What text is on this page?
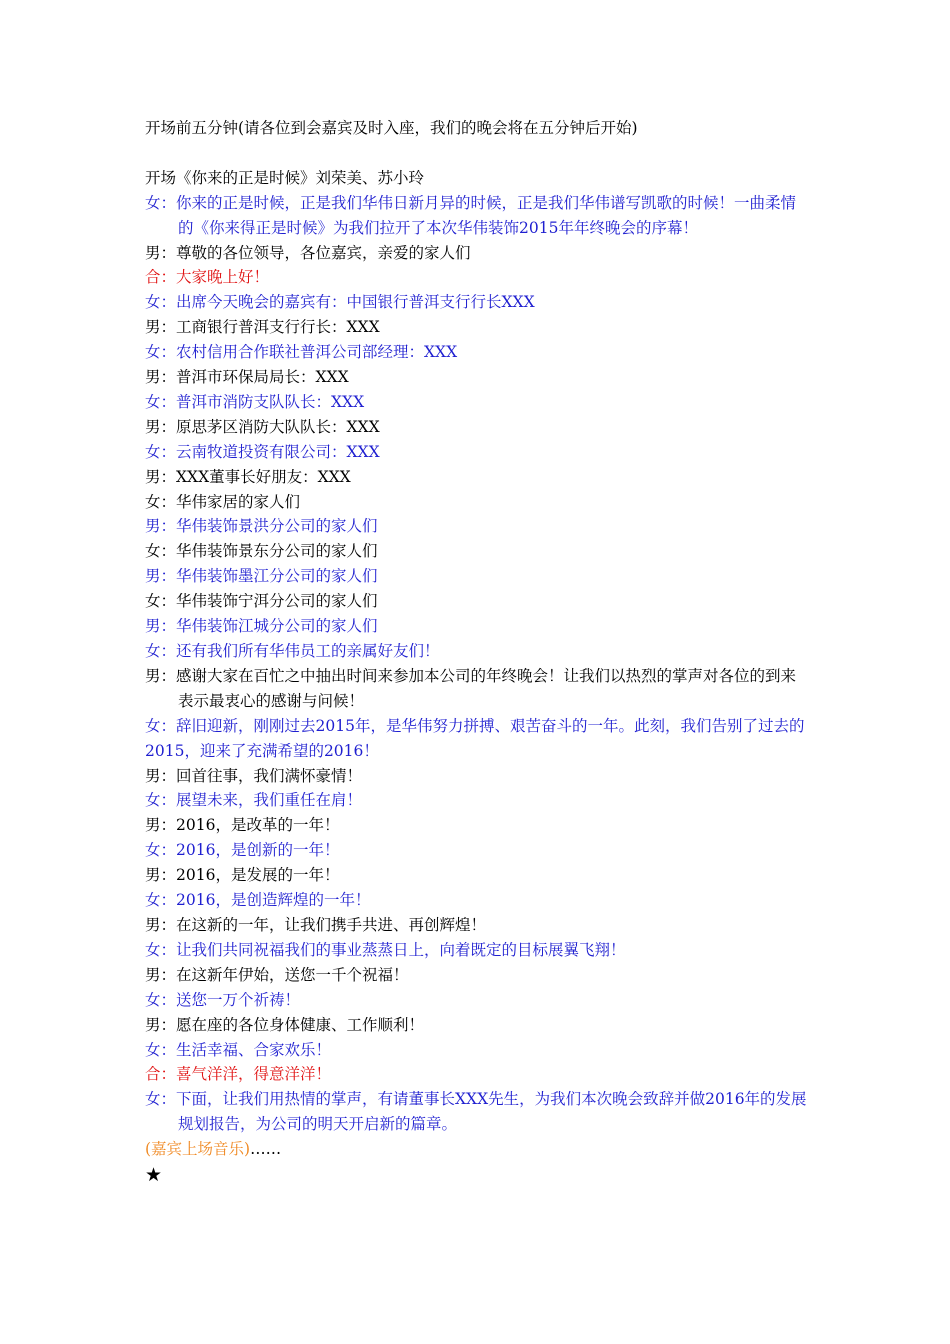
开场前五分钟(请各位到会嘉宾及时入座，我们的晚会将在五分钟后开始)
开场《你来的正是时候》刘荣美、苏小玲
女：你来的正是时候，正是我们华伟日新月异的时候，正是我们华伟谱写凯歌的时候！一曲柔情的《你来得正是时候》为我们拉开了本次华伟装饰2015年年终晚会的序幕！
男：尊敬的各位领导，各位嘉宾，亲爱的家人们
合：大家晚上好！
女：出席今天晚会的嘉宾有：中国银行普洱支行行长XXX
男：工商银行普洱支行行长：XXX
女：农村信用合作联社普洱公司部经理：XXX
男：普洱市环保局局长：XXX
女：普洱市消防支队队长：XXX
男：原思茅区消防大队队长：XXX
女：云南牧道投资有限公司：XXX
男：XXX董事长好朋友：XXX
女：华伟家居的家人们
男：华伟装饰景洪分公司的家人们
女：华伟装饰景东分公司的家人们
男：华伟装饰墨江分公司的家人们
女：华伟装饰宁洱分公司的家人们
男：华伟装饰江城分公司的家人们
女：还有我们所有华伟员工的亲属好友们！
男：感谢大家在百忙之中抽出时间来参加本公司的年终晚会！让我们以热烈的掌声对各位的到来表示最衷心的感谢与问候！
女：辞旧迎新，刚刚过去2015年，是华伟努力拼搏、艰苦奋斗的一年。此刻，我们告别了过去的2015，迎来了充满希望的2016！
男：回首往事，我们满怀豪情！
女：展望未来，我们重任在肩！
男：2016，是改革的一年！
女：2016，是创新的一年！
男：2016，是发展的一年！
女：2016，是创造辉煌的一年！
男：在这新的一年，让我们携手共进、再创辉煌！
女：让我们共同祝福我们的事业蒸蒸日上，向着既定的目标展翼飞翔！
男：在这新年伊始，送您一千个祝福！
女：送您一万个祈祷！
男：愿在座的各位身体健康、工作顺利！
女：生活幸福、合家欢乐！
合：喜气洋洋，得意洋洋！
女：下面，让我们用热情的掌声，有请董事长XXX先生，为我们本次晚会致辞并做2016年的发展规划报告，为公司的明天开启新的篇章。
(嘉宾上场音乐)……
★
